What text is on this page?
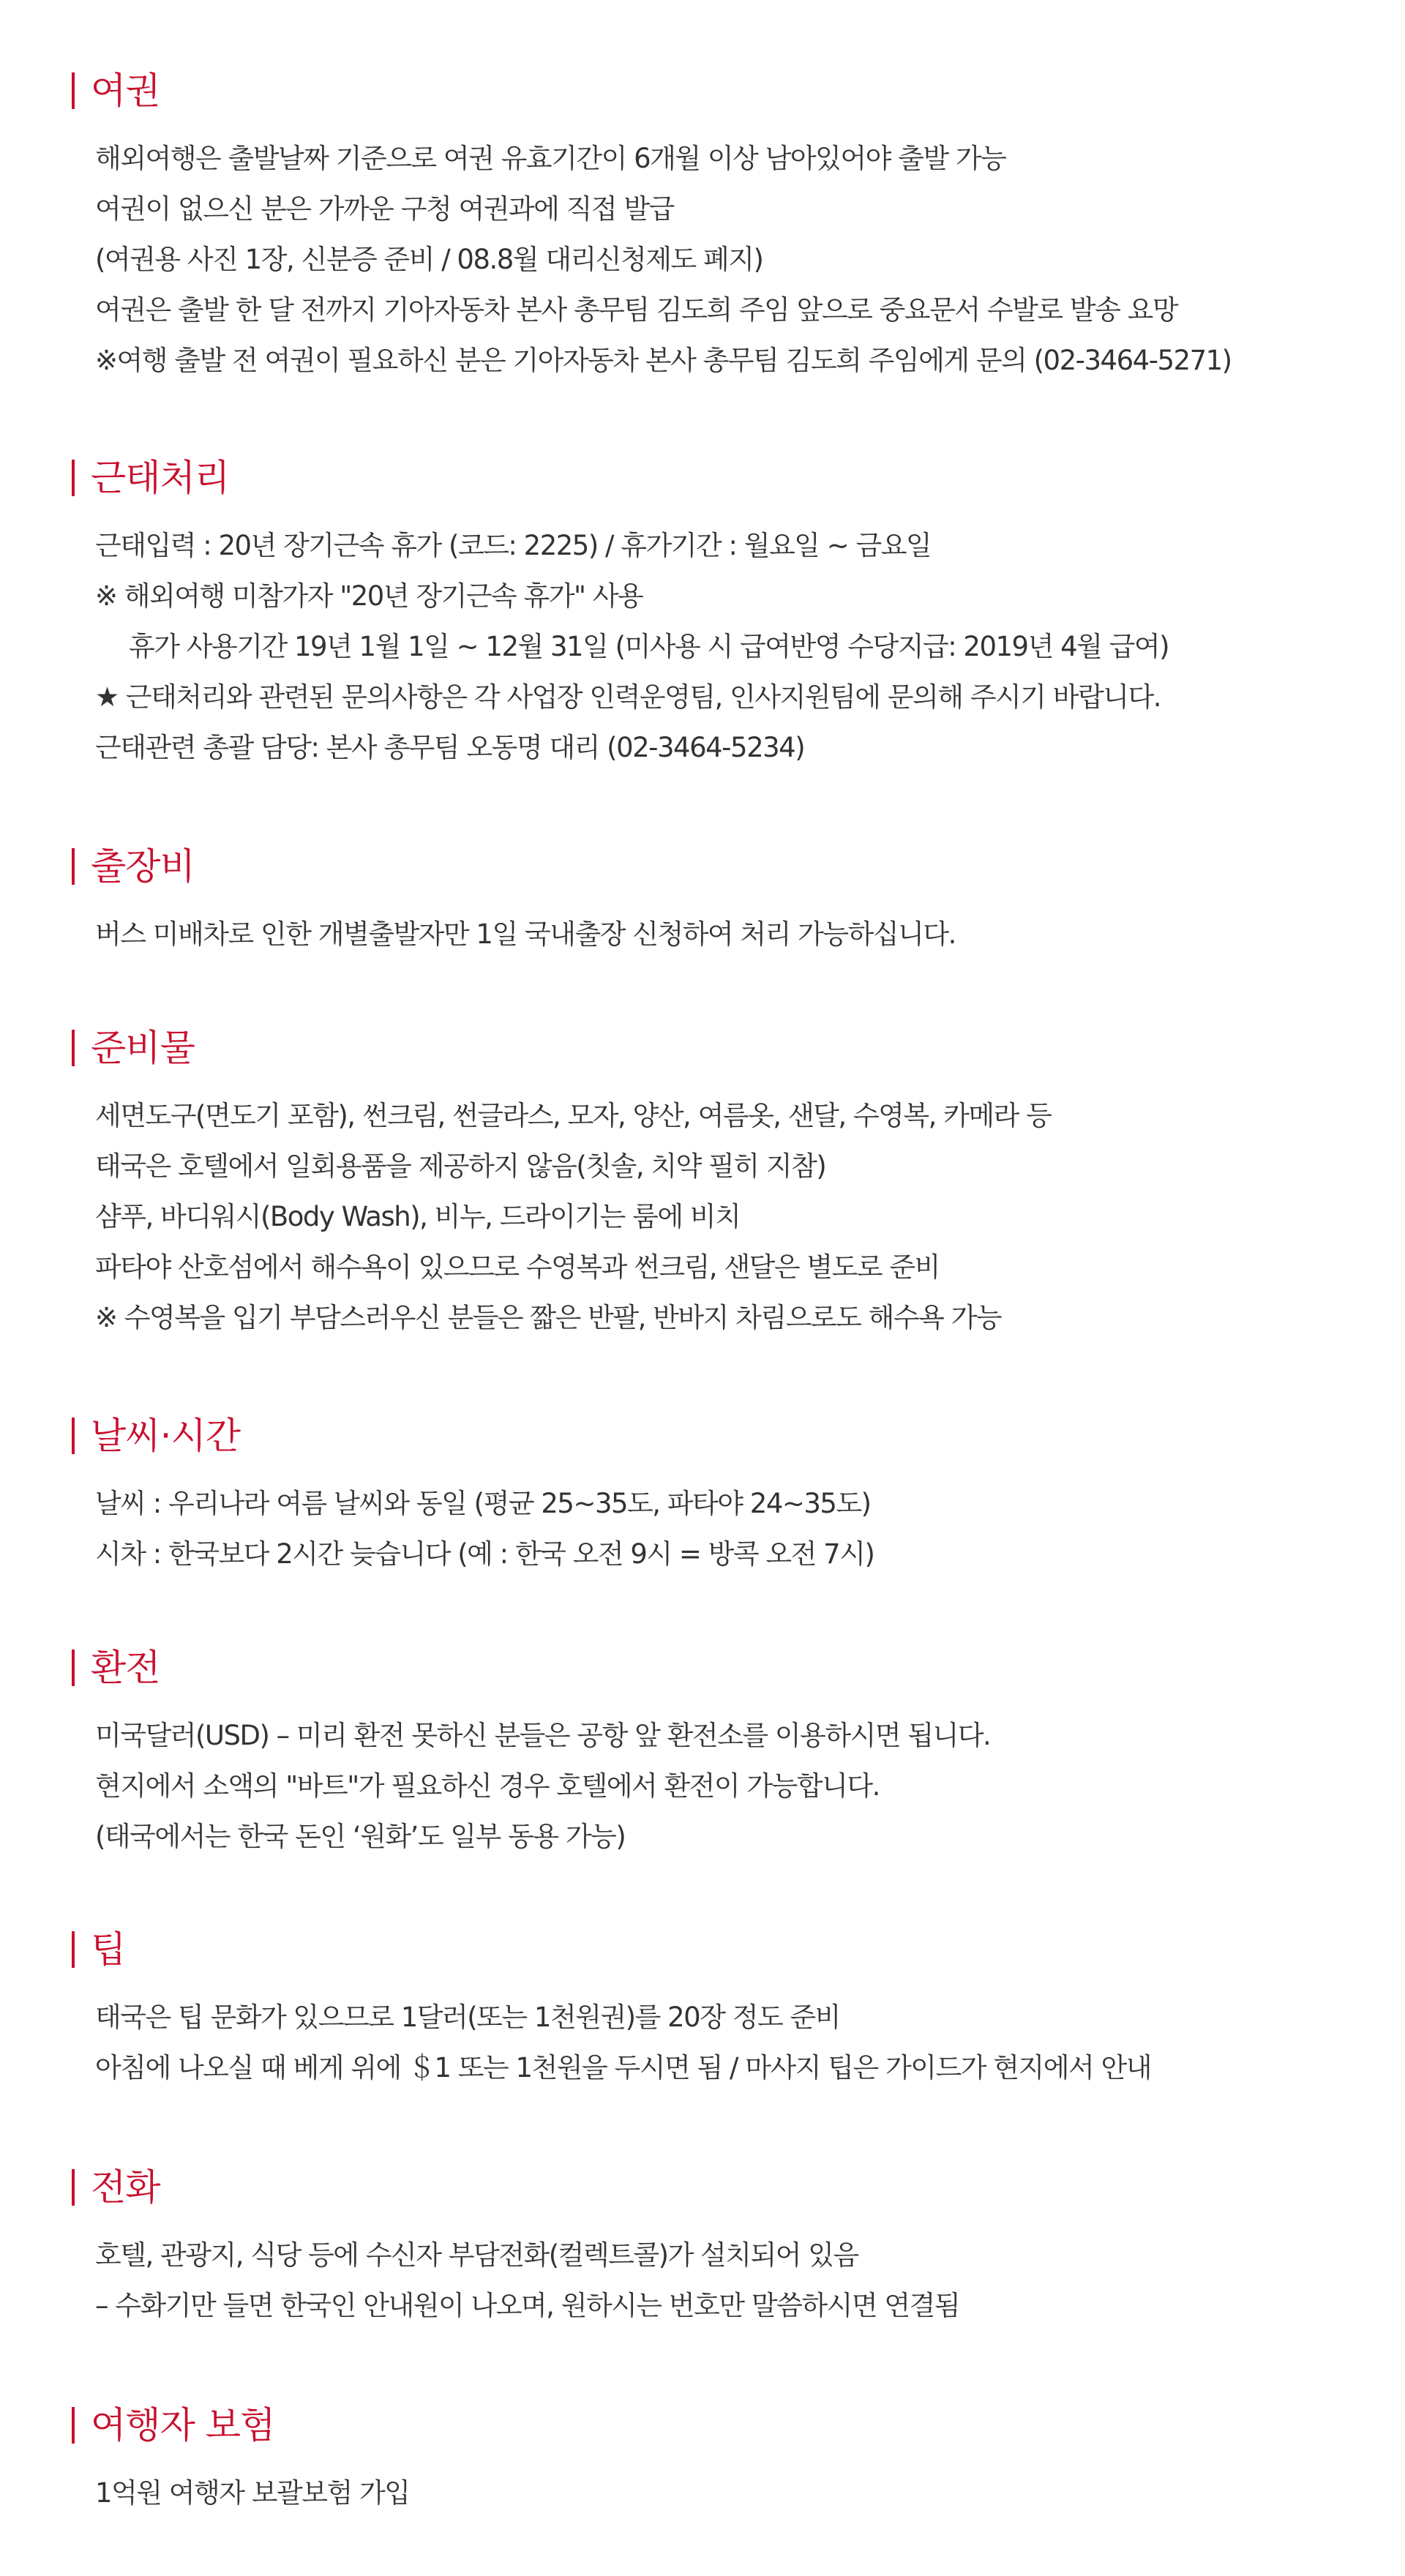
여권
해외여행은 출발날짜 기준으로 여권 유효기간이 6개월 이상 남아있어야 출발 가능
여권이 없으신 분은 가까운 구청 여권과에 직접 발급
(여권용 사진 1장, 신분증 준비 / 08.8월 대리신청제도 폐지)
여권은 출발 한 달 전까지 기아자동차 본사 총무팀 김도희 주임 앞으로 중요문서 수발로 발송 요망
※여행 출발 전 여권이 필요하신 분은 기아자동차 본사 총무팀 김도희 주임에게 문의 (02-3464-5271)
근태처리
근태입력 : 20년 장기근속 휴가 (코드: 2225) / 휴가기간 : 월요일 ~ 금요일
※ 해외여행 미참가자 "20년 장기근속 휴가" 사용
휴가 사용기간 19년 1월 1일 ~ 12월 31일 (미사용 시 급여반영 수당지급: 2019년 4월 급여)
★ 근태처리와 관련된 문의사항은 각 사업장 인력운영팀, 인사지원팀에 문의해 주시기 바랍니다.
근태관련 총괄 담당: 본사 총무팀 오동명 대리 (02-3464-5234)
출장비
버스 미배차로 인한 개별출발자만 1일 국내출장 신청하여 처리 가능하십니다.
준비물
세면도구(면도기 포함), 썬크림, 썬글라스, 모자, 양산, 여름옷, 샌달, 수영복, 카메라 등
태국은 호텔에서 일회용품을 제공하지 않음(칫솔, 치약 필히 지참)
샴푸, 바디워시(Body Wash), 비누, 드라이기는 룸에 비치
파타야 산호섬에서 해수욕이 있으므로 수영복과 썬크림, 샌달은 별도로 준비
※ 수영복을 입기 부담스러우신 분들은 짧은 반팔, 반바지 차림으로도 해수욕 가능
날씨·시간
날씨 : 우리나라 여름 날씨와 동일 (평균 25~35도, 파타야 24~35도)
시차 : 한국보다 2시간 늦습니다 (예 : 한국 오전 9시 = 방콕 오전 7시)
환전
미국달러(USD) – 미리 환전 못하신 분들은 공항 앞 환전소를 이용하시면 됩니다.
현지에서 소액의 "바트"가 필요하신 경우 호텔에서 환전이 가능합니다.
(태국에서는 한국 돈인 ‘원화’도 일부 동용 가능)
팁
태국은 팁 문화가 있으므로 1달러(또는 1천원권)를 20장 정도 준비
아침에 나오실 때 베게 위에 ＄1 또는 1천원을 두시면 됨 / 마사지 팁은 가이드가 현지에서 안내
전화
호텔, 관광지, 식당 등에 수신자 부담전화(컬렉트콜)가 설치되어 있음
– 수화기만 들면 한국인 안내원이 나오며, 원하시는 번호만 말씀하시면 연결됨
여행자 보험
1억원 여행자 보괄보험 가입
